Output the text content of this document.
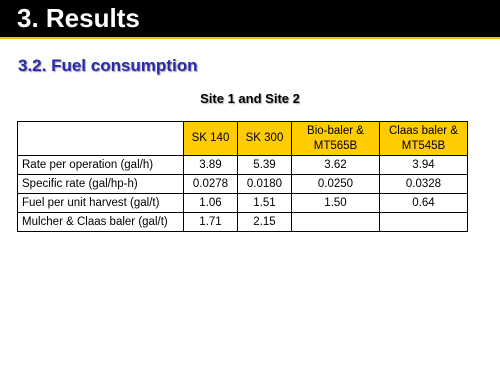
3. Results
3.2. Fuel consumption
Site 1 and Site 2
	SK 140	SK 300	Bio-baler & MT565B	Claas baler & MT545B
Rate per operation (gal/h)	3.89	5.39	3.62	3.94
Specific rate (gal/hp-h)	0.0278	0.0180	0.0250	0.0328
Fuel per unit harvest (gal/t)	1.06	1.51	1.50	0.64
Mulcher & Claas baler (gal/t)	1.71	2.15		
